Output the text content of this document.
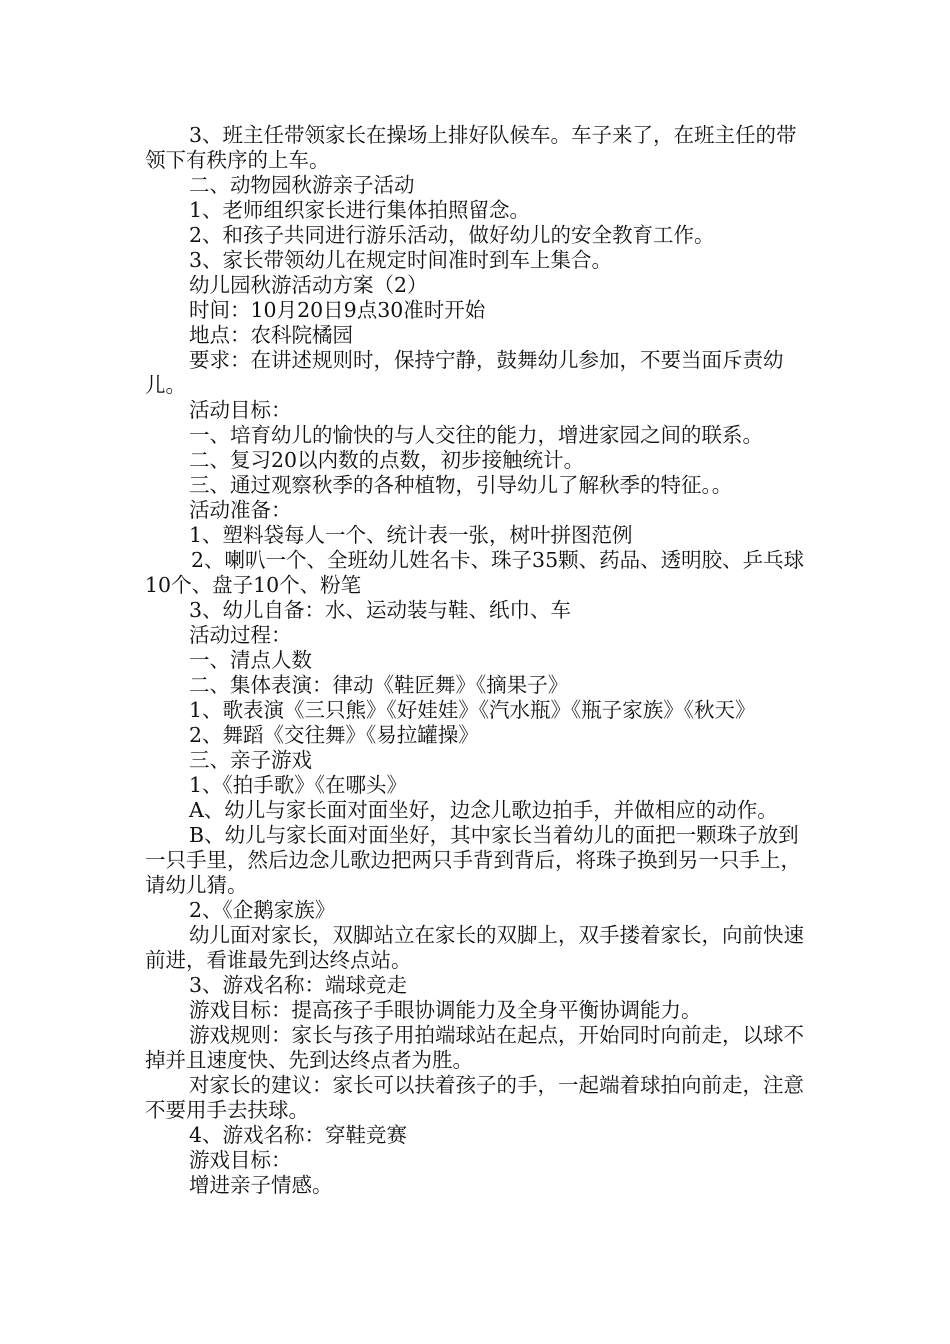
3、班主任带领家长在操场上排好队候车。车子来了，在班主任的带领下有秩序的上车。

二、动物园秋游亲子活动

1、老师组织家长进行集体拍照留念。

2、和孩子共同进行游乐活动，做好幼儿的安全教育工作。

3、家长带领幼儿在规定时间准时到车上集合。

幼儿园秋游活动方案（2）

时间：10月20日9点30准时开始

地点：农科院橘园

要求：在讲述规则时，保持宁静，鼓舞幼儿参加，不要当面斥责幼儿。

活动目标：

一、培育幼儿的愉快的与人交往的能力，增进家园之间的联系。

二、复习20以内数的点数，初步接触统计。

三、通过观察秋季的各种植物，引导幼儿了解秋季的特征。。

活动准备：

1、塑料袋每人一个、统计表一张，树叶拼图范例

2、喇叭一个、全班幼儿姓名卡、珠子35颗、药品、透明胶、乒乓球10个、盘子10个、粉笔

3、幼儿自备：水、运动装与鞋、纸巾、车

活动过程：

一、清点人数

二、集体表演：律动《鞋匠舞》《摘果子》

1、歌表演《三只熊》《好娃娃》《汽水瓶》《瓶子家族》《秋天》

2、舞蹈《交往舞》《易拉罐操》

三、亲子游戏

1、《拍手歌》《在哪头》

A、幼儿与家长面对面坐好，边念儿歌边拍手，并做相应的动作。

B、幼儿与家长面对面坐好，其中家长当着幼儿的面把一颗珠子放到一只手里，然后边念儿歌边把两只手背到背后，将珠子换到另一只手上，请幼儿猜。

2、《企鹅家族》

幼儿面对家长，双脚站立在家长的双脚上，双手搂着家长，向前快速前进，看谁最先到达终点站。

3、游戏名称：端球竞走

游戏目标：提高孩子手眼协调能力及全身平衡协调能力。

游戏规则：家长与孩子用拍端球站在起点，开始同时向前走，以球不掉并且速度快、先到达终点者为胜。

对家长的建议：家长可以扶着孩子的手，一起端着球拍向前走，注意不要用手去扶球。

4、游戏名称：穿鞋竞赛

游戏目标：

增进亲子情感。
